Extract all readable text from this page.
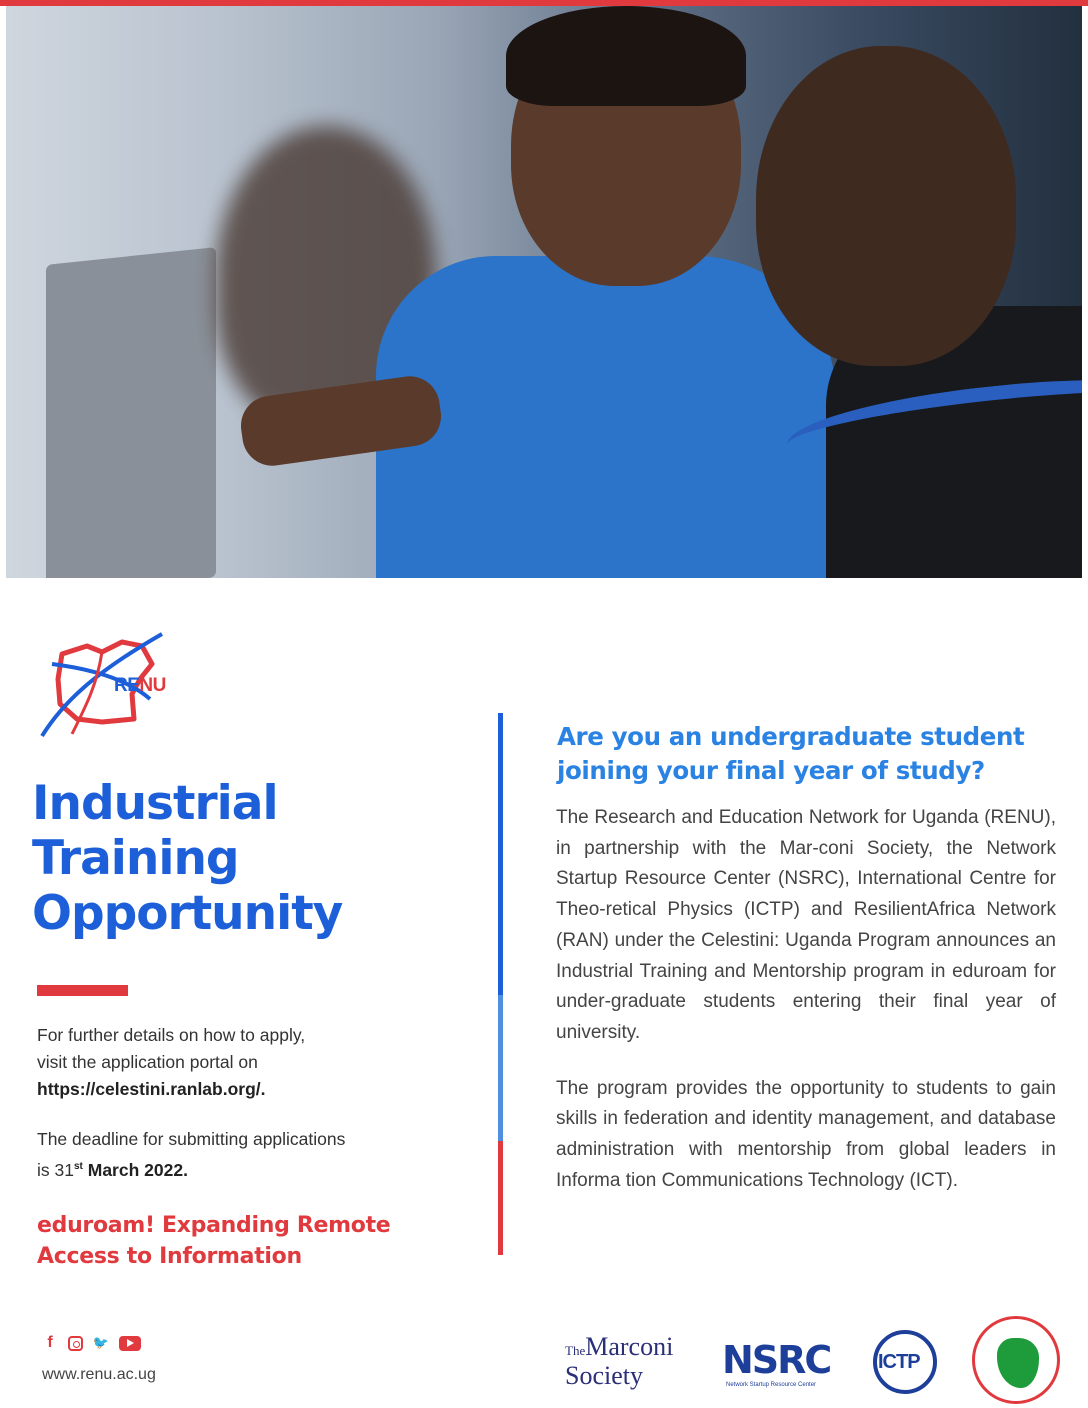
RENU
Industrial
Training
Opportunity

For further details on how to apply,

visit the application portal on

https://celestini.ranlab.org/.

The deadline for submitting applications

is 31st March 2022.

eduroam! Expanding Remote
Access to Information
Are you an undergraduate student
joining your final year of study?

The Research and Education Network for Uganda (RENU), in partnership with the Mar-coni Society, the Network Startup Resource Center (NSRC), International Centre for Theo-retical Physics (ICTP) and ResilientAfrica Network (RAN) under the Celestini: Uganda Program announces an Industrial Training and Mentorship program in eduroam for under-graduate students entering their final year of university.

The program provides the opportunity to students to gain skills in federation and identity management, and database administration with mentorship from global leaders in Informa tion Communications Technology (ICT).

f	🐦
www.renu.ac.ug
TheMarconi
Society	NSRC
Network Startup Resource Center
ICTP
